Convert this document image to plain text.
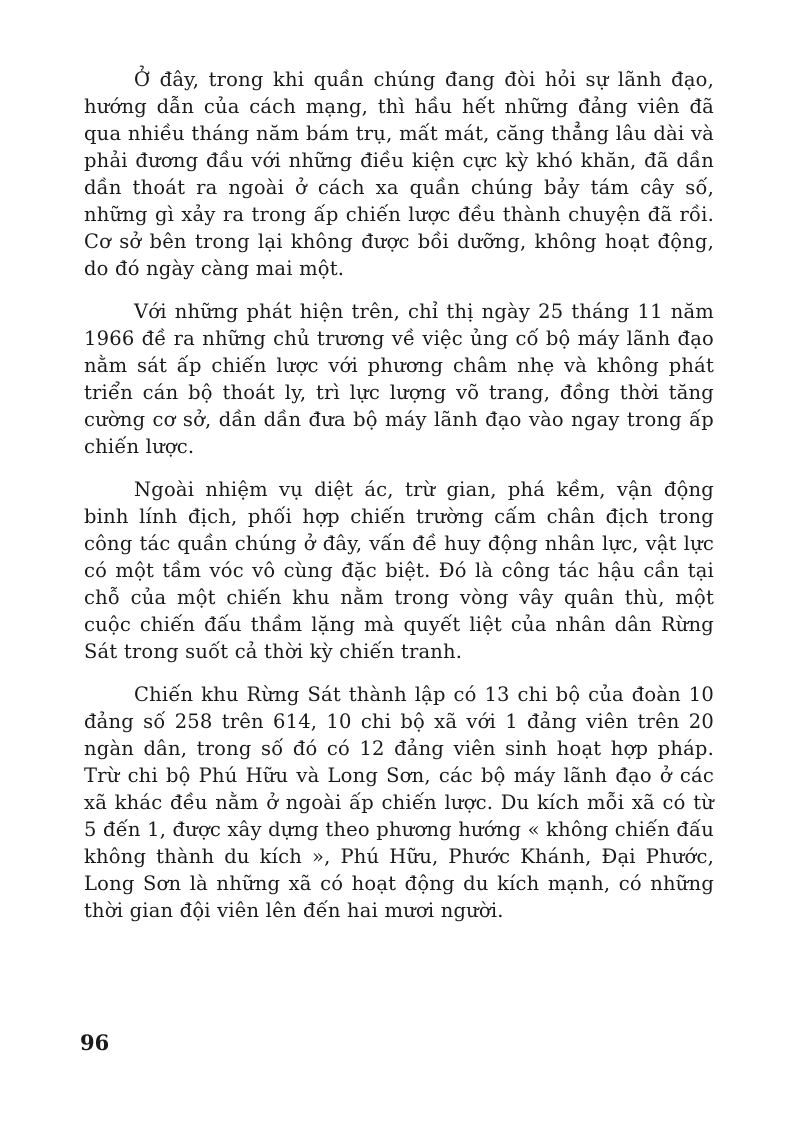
Ở đây, trong khi quần chúng đang đòi hỏi sự lãnh đạo, hướng dẫn của cách mạng, thì hầu hết những đảng viên đã qua nhiều tháng năm bám trụ, mất mát, căng thẳng lâu dài và phải đương đầu với những điều kiện cực kỳ khó khăn, đã dần dần thoát ra ngoài ở cách xa quần chúng bảy tám cây số, những gì xảy ra trong ấp chiến lược đều thành chuyện đã rồi. Cơ sở bên trong lại không được bồi dưỡng, không hoạt động, do đó ngày càng mai một.

Với những phát hiện trên, chỉ thị ngày 25 tháng 11 năm 1966 đề ra những chủ trương về việc ủng cố bộ máy lãnh đạo nằm sát ấp chiến lược với phương châm nhẹ và không phát triển cán bộ thoát ly, trì lực lượng võ trang, đồng thời tăng cường cơ sở, dần dần đưa bộ máy lãnh đạo vào ngay trong ấp chiến lược.

Ngoài nhiệm vụ diệt ác, trừ gian, phá kềm, vận động binh lính địch, phối hợp chiến trường cấm chân địch trong công tác quần chúng ở đây, vấn đề huy động nhân lực, vật lực có một tầm vóc vô cùng đặc biệt. Đó là công tác hậu cần tại chỗ của một chiến khu nằm trong vòng vây quân thù, một cuộc chiến đấu thầm lặng mà quyết liệt của nhân dân Rừng Sát trong suốt cả thời kỳ chiến tranh.

Chiến khu Rừng Sát thành lập có 13 chi bộ của đoàn 10 đảng số 258 trên 614, 10 chi bộ xã với 1 đảng viên trên 20 ngàn dân, trong số đó có 12 đảng viên sinh hoạt hợp pháp. Trừ chi bộ Phú Hữu và Long Sơn, các bộ máy lãnh đạo ở các xã khác đều nằm ở ngoài ấp chiến lược. Du kích mỗi xã có từ 5 đến 1, được xây dựng theo phương hướng « không chiến đấu không thành du kích », Phú Hữu, Phước Khánh, Đại Phước, Long Sơn là những xã có hoạt động du kích mạnh, có những thời gian đội viên lên đến hai mươi người.

96
